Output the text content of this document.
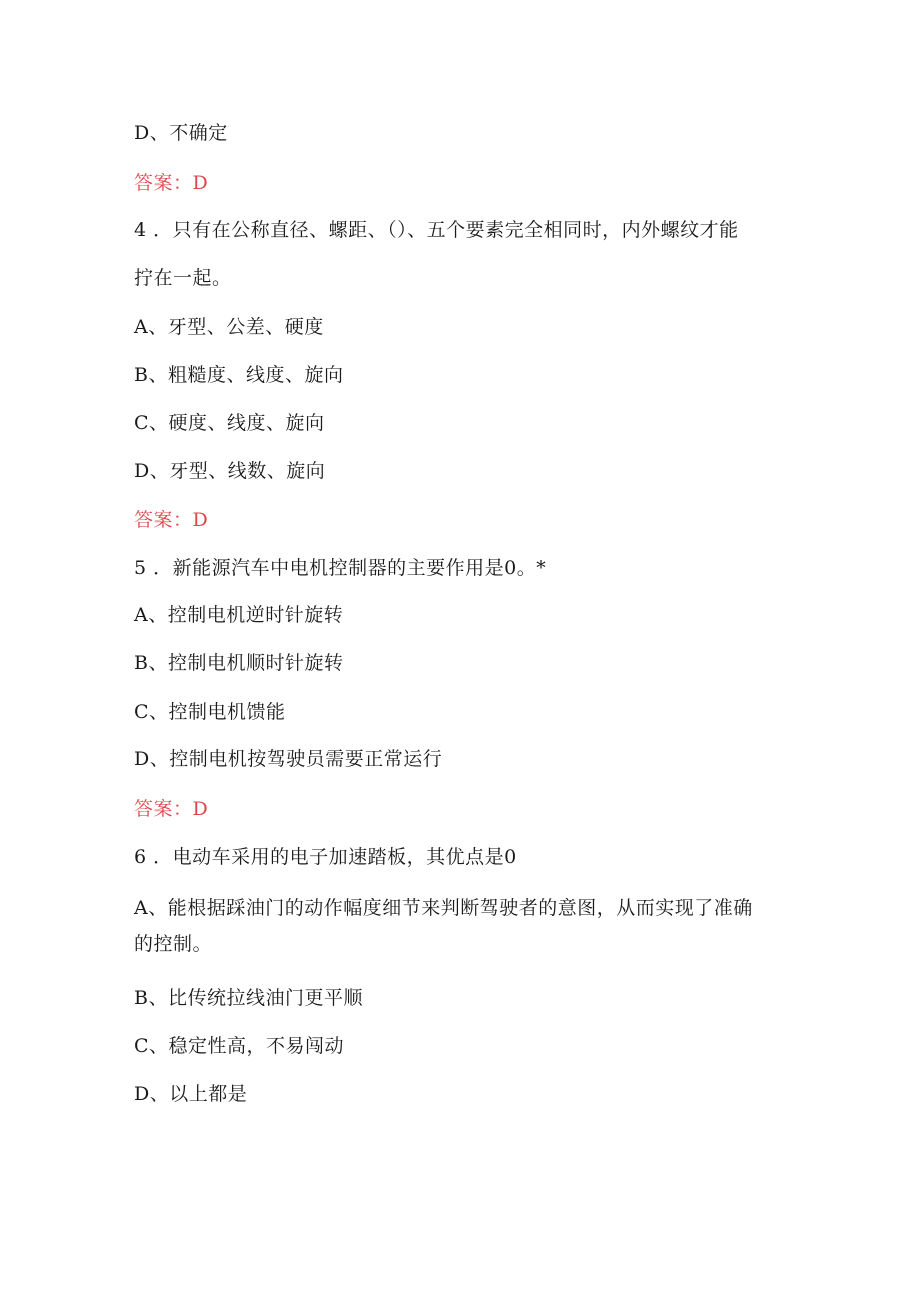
D、不确定
答案：D
4 ．只有在公称直径、螺距、（）、五个要素完全相同时，内外螺纹才能
拧在一起。
A、牙型、公差、硬度
B、粗糙度、线度、旋向
C、硬度、线度、旋向
D、牙型、线数、旋向
答案：D
5 ．新能源汽车中电机控制器的主要作用是0。*
A、控制电机逆时针旋转
B、控制电机顺时针旋转
C、控制电机馈能
D、控制电机按驾驶员需要正常运行
答案：D
6 ．电动车采用的电子加速踏板，其优点是0
A、能根据踩油门的动作幅度细节来判断驾驶者的意图，从而实现了准确
的控制。
B、比传统拉线油门更平顺
C、稳定性高，不易闯动
D、以上都是
